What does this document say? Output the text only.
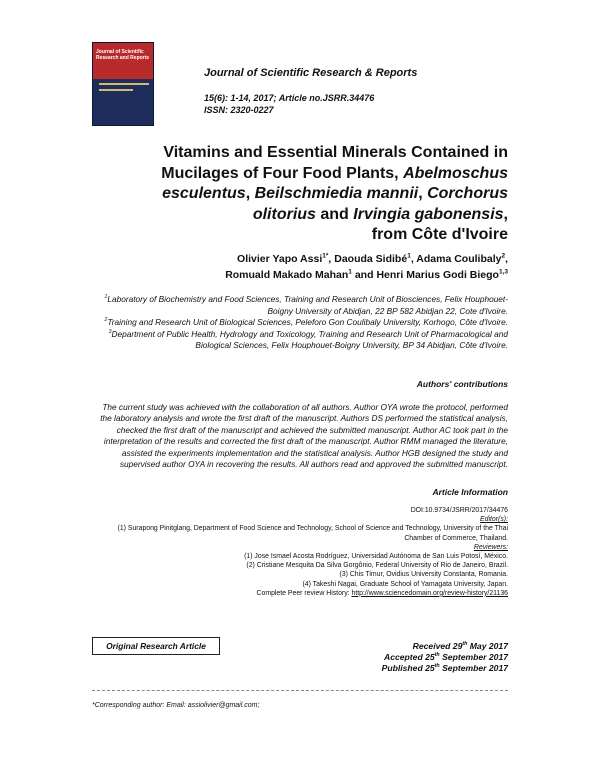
Journal of Scientific Research and Reports
Journal of Scientific Research & Reports
15(6): 1-14, 2017; Article no.JSRR.34476
ISSN: 2320-0227
Vitamins and Essential Minerals Contained in
Mucilages of Four Food Plants, Abelmoschus
esculentus, Beilschmiedia mannii, Corchorus
olitorius and Irvingia gabonensis,
from Côte d'Ivoire
Olivier Yapo Assi$^{1*}$, Daouda Sidibé$^1$, Adama Coulibaly$^2$,
Romuald Makado Mahan$^1$ and Henri Marius Godi Biego$^{1,3}$

$^1$Laboratory of Biochemistry and Food Sciences, Training and Research Unit of Biosciences, Felix Houphouet-Boigny University of Abidjan, 22 BP 582 Abidjan 22, Cote d'Ivoire.

$^2$Training and Research Unit of Biological Sciences, Peleforo Gon Coulibaly University, Korhogo, Côte d'Ivoire.

$^3$Department of Public Health, Hydrology and Toxicology, Training and Research Unit of Pharmacological and Biological Sciences, Felix Houphouet-Boigny University, BP 34 Abidjan, Côte d'Ivoire.

Authors' contributions
The current study was achieved with the collaboration of all authors. Author OYA wrote the protocol, performed the laboratory analysis and wrote the first draft of the manuscript. Authors DS performed the statistical analysis, checked the first draft of the manuscript and achieved the submitted manuscript. Author AC took part in the interpretation of the results and corrected the first draft of the manuscript. Author RMM managed the literature, assisted the experiments implementation and the statistical analysis. Author HGB designed the study and supervised author OYA in recovering the results. All authors read and approved the submitted manuscript.
Article Information
DOI:10.9734/JSRR/2017/34476
Editor(s):
(1) Surapong Pinitglang, Department of Food Science and Technology, School of Science and Technology, University of the Thai Chamber of Commerce, Thailand.
Reviewers:
(1) Jose Ismael Acosta Rodríguez, Universidad Autónoma de San Luis Potosí, México.
(2) Cristiane Mesquita Da Silva Gorgônio, Federal University of Rio de Janeiro, Brazil.
(3) Chis Timur, Ovidius University Constanta, Romania.
(4) Takeshi Nagai, Graduate School of Yamagata University, Japan.
Complete Peer review History: http://www.sciencedomain.org/review-history/21136
Original Research Article	Received 29th May 2017
Accepted 25th September 2017
Published 25th September 2017
*Corresponding author: Email: assiolivier@gmail.com;
